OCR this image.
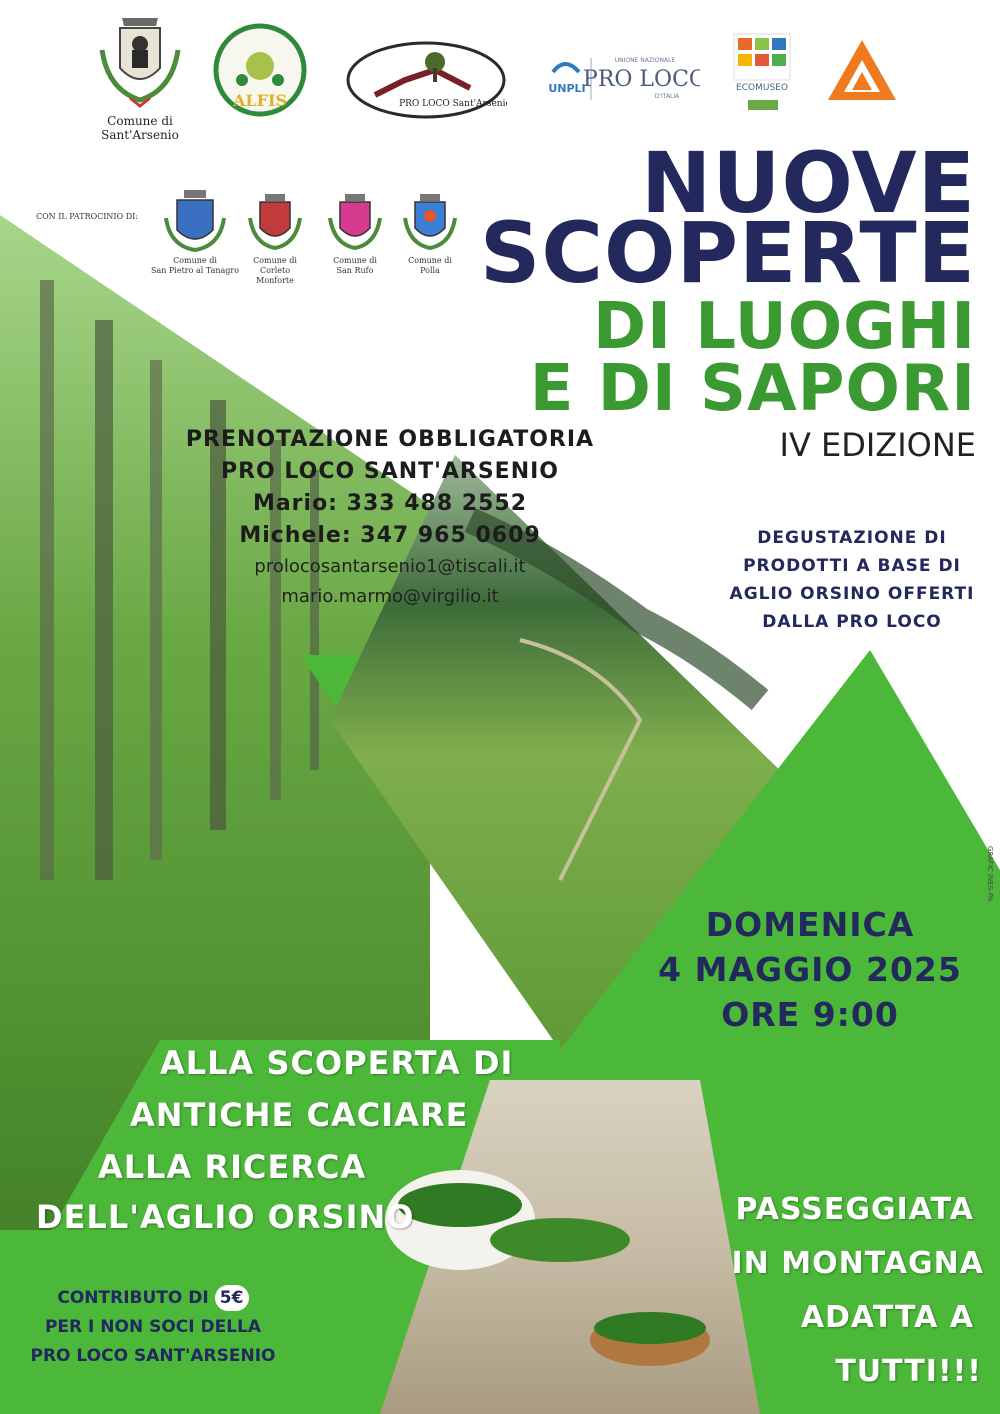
Comune di
Sant'Arsenio
ALFIS	PRO LOCO Sant'Arsenio
UNPLI
UNIONE NAZIONALE
PRO LOCO
D'ITALIA
ECOMUSEO
CON IL PATROCINIO DI:
Comune di
San Pietro al Tanagro
Comune di
Corleto Monforte
Comune di
San Rufo
Comune di
Polla
NUOVE
SCOPERTE
DI LUOGHI
E DI SAPORI
IV EDIZIONE
PRENOTAZIONE OBBLIGATORIA
PRO LOCO SANT'ARSENIO
Mario: 333 488 2552
Michele: 347 965 0609
prolocosantarsenio1@tiscali.it
mario.marmo@virgilio.it
DEGUSTAZIONE DI
PRODOTTI A BASE DI
AGLIO ORSINO OFFERTI
DALLA PRO LOCO
DOMENICA
4 MAGGIO 2025
ORE 9:00
ALLA SCOPERTA DI
ANTICHE CACIARE
ALLA RICERCA
DELL'AGLIO ORSINO
CONTRIBUTO DI 5€
PER I NON SOCI DELLA
PRO LOCO SANT'ARSENIO
PASSEGGIATA
IN MONTAGNA
ADATTA A
TUTTI!!!
GRAFIC INES-PA
